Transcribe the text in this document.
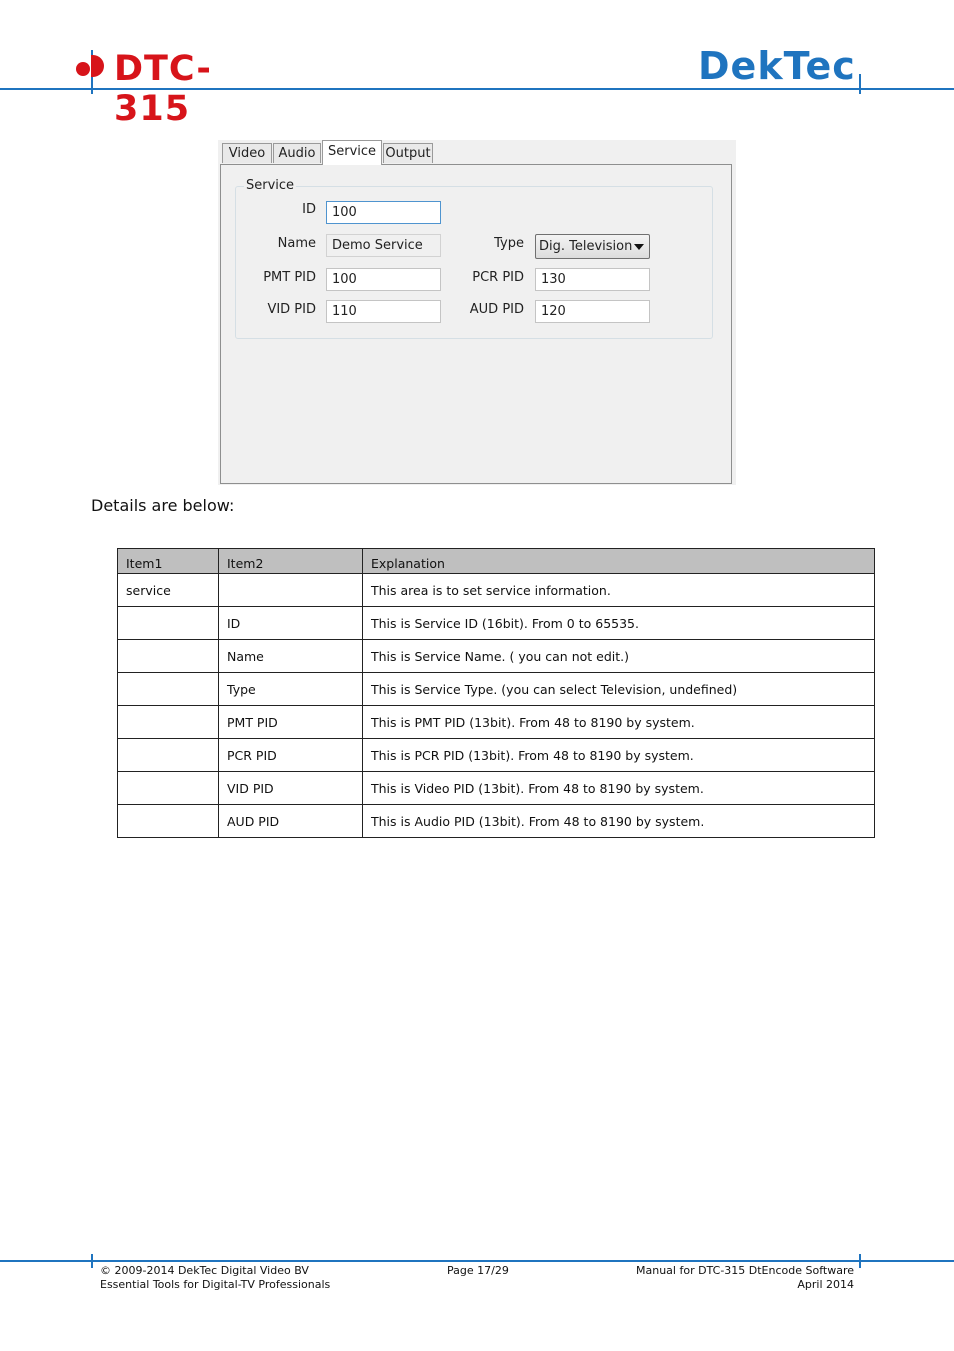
DTC-315
DekTec
Video	Audio Service Output
Service
ID	100
Name	Demo Service	Type	Dig. Television
PMT PID	100	PCR PID	130
VID PID	110	AUD PID	120
Details are below:
Item1	Item2	Explanation
service		This area is to set service information.
	ID	This is Service ID (16bit). From 0 to 65535.
	Name	This is Service Name. ( you can not edit.)
	Type	This is Service Type. (you can select Television, undefined)
	PMT PID	This is PMT PID (13bit). From 48 to 8190 by system.
	PCR PID	This is PCR PID (13bit). From 48 to 8190 by system.
	VID PID	This is Video PID (13bit). From 48 to 8190 by system.
	AUD PID	This is Audio PID (13bit). From 48 to 8190 by system.
© 2009-2014 DekTec Digital Video BV
Essential Tools for Digital-TV Professionals
Page 17/29	Manual for DTC-315 DtEncode Software
April 2014
